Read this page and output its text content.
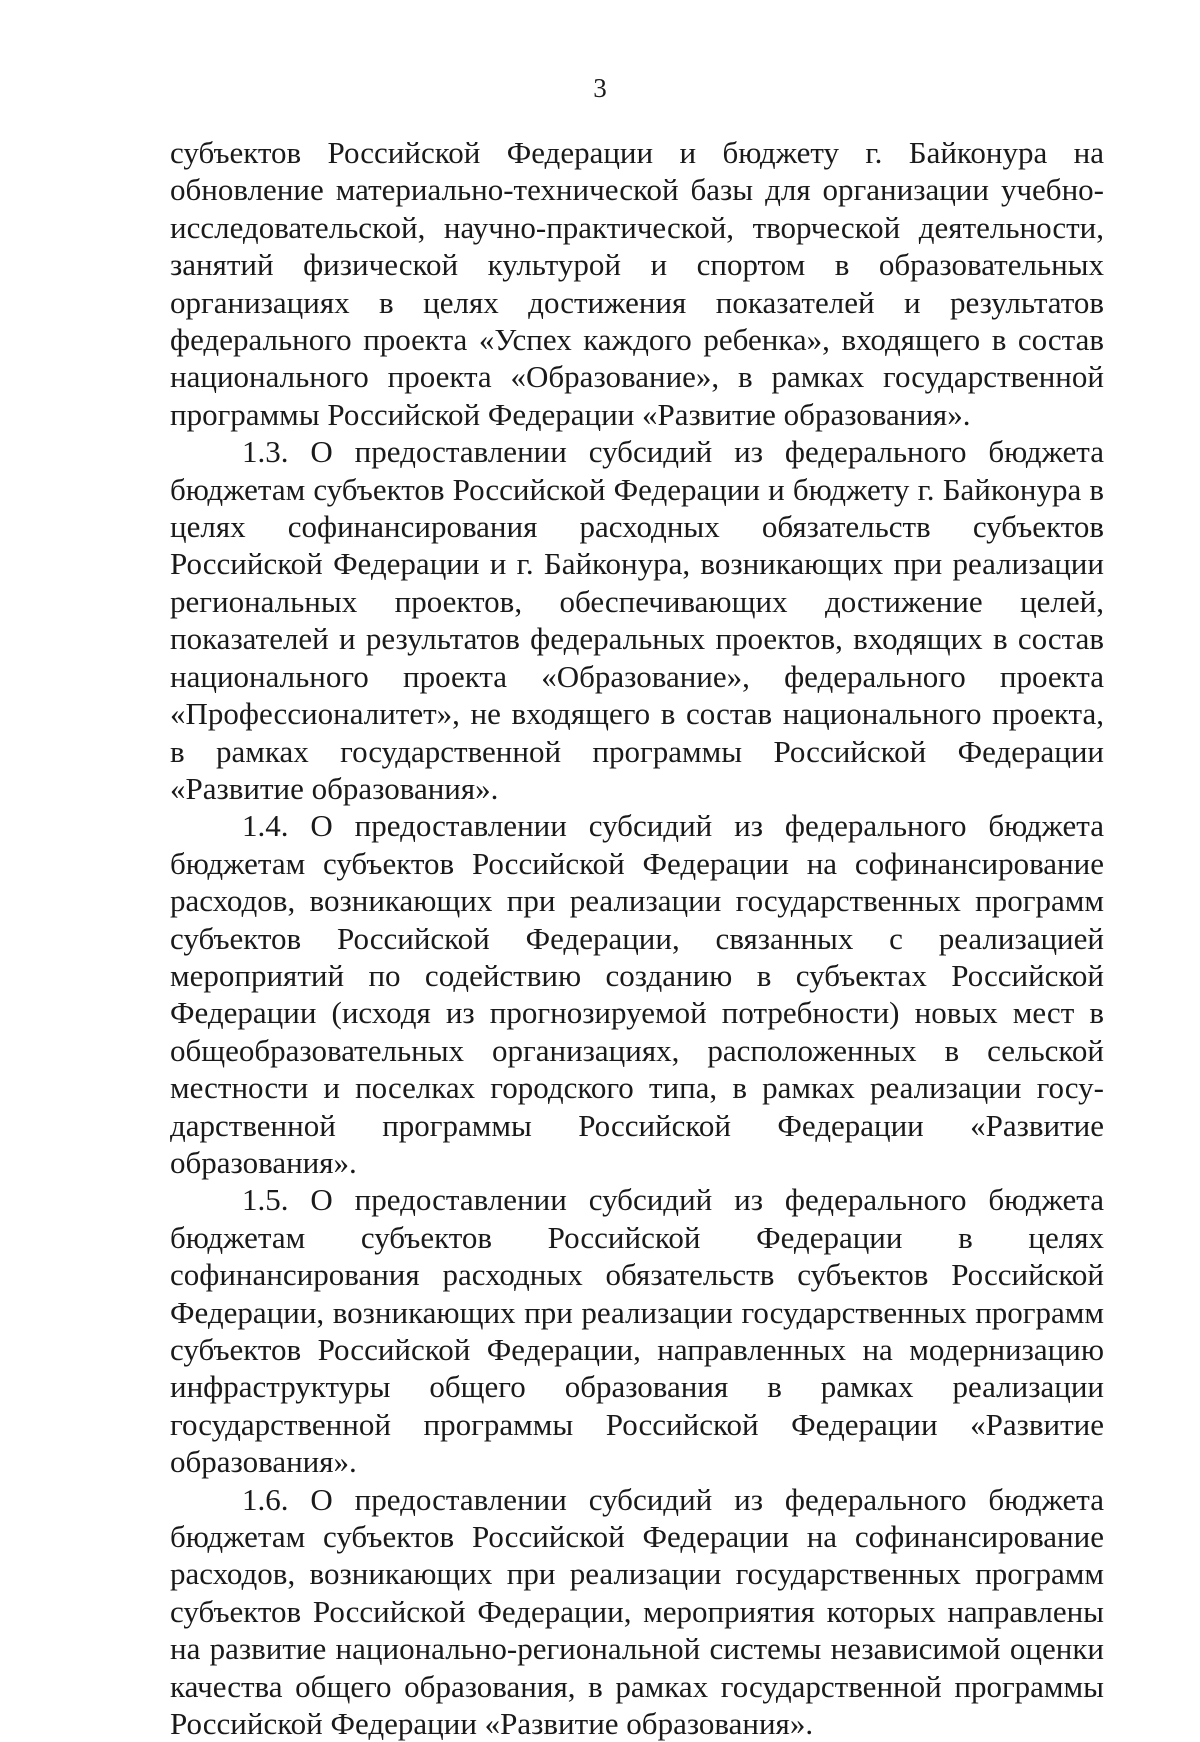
3

субъектов Российской Федерации и бюджету г. Байконура на обновление материально-технической базы для организации учебно-исследовательской, научно-практической, творческой деятельности, занятий физической культурой и спортом в образовательных организациях в целях достижения показателей и результатов федерального проекта «Успех каждого ребенка», входящего в состав национального проекта «Образование», в рамках государственной программы Российской Федерации «Развитие образования».

1.3. О предоставлении субсидий из федерального бюджета бюджетам субъектов Российской Федерации и бюджету г. Байконура в целях софинансирования расходных обязательств субъектов Российской Федерации и г. Байконура, возникающих при реализации региональных проектов, обеспечивающих достижение целей, показателей и результатов федеральных проектов, входящих в состав национального проекта «Образование», федерального проекта «Профессионалитет», не входящего в состав национального проекта, в рамках государственной программы Российской Федерации «Развитие образования».

1.4. О предоставлении субсидий из федерального бюджета бюджетам субъектов Российской Федерации на софинансирование расходов, возникающих при реализации государственных программ субъектов Российской Федерации, связанных с реализацией мероприятий по содействию созданию в субъектах Российской Федерации (исходя из прогнозируемой потребности) новых мест в общеобразовательных организациях, расположенных в сельской местности и поселках городского типа, в рамках реализации государственной программы Российской Федерации «Развитие образования».

1.5. О предоставлении субсидий из федерального бюджета бюджетам субъектов Российской Федерации в целях софинансирования расходных обязательств субъектов Российской Федерации, возникающих при реализации государственных программ субъектов Российской Федерации, направленных на модернизацию инфраструктуры общего образования в рамках реализации государственной программы Российской Федерации «Развитие образования».

1.6. О предоставлении субсидий из федерального бюджета бюджетам субъектов Российской Федерации на софинансирование расходов, возникающих при реализации государственных программ субъектов Российской Федерации, мероприятия которых направлены на развитие национально-региональной системы независимой оценки качества общего образования, в рамках государственной программы Российской Федерации «Развитие образования».
